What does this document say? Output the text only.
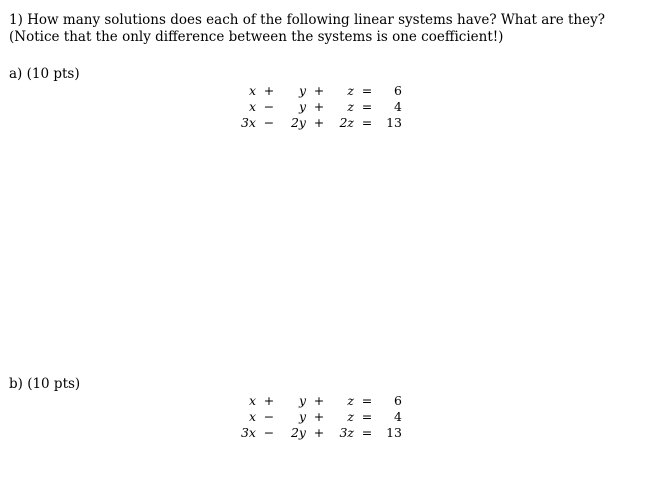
1) How many solutions does each of the following linear systems have? What are they? (Notice that the only difference between the systems is one coefficient!)
a) (10 pts)
x	+	y	+	z	=	6
x	−	y	+	z	=	4
3x	−	2y	+	2z	=	13
b) (10 pts)
x	+	y	+	z	=	6
x	−	y	+	z	=	4
3x	−	2y	+	3z	=	13
